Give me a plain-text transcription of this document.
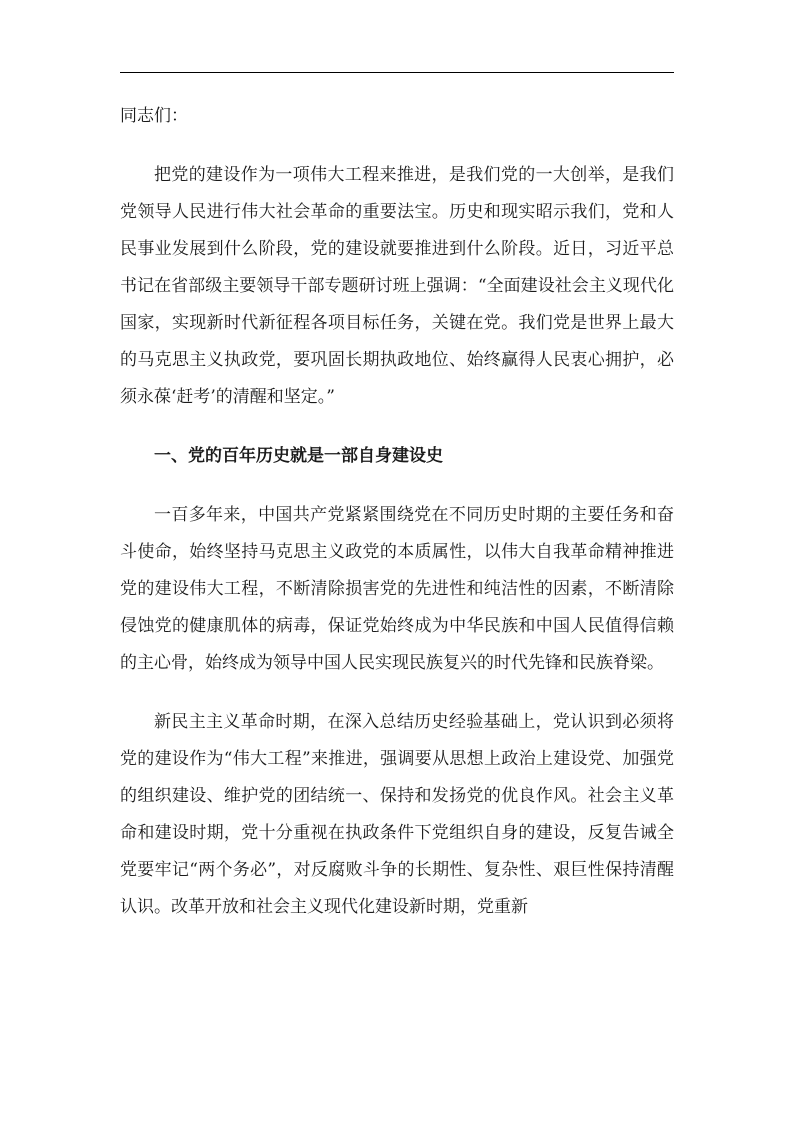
同志们：

把党的建设作为一项伟大工程来推进，是我们党的一大创举，是我们党领导人民进行伟大社会革命的重要法宝。历史和现实昭示我们，党和人民事业发展到什么阶段，党的建设就要推进到什么阶段。近日，习近平总书记在省部级主要领导干部专题研讨班上强调：“全面建设社会主义现代化国家，实现新时代新征程各项目标任务，关键在党。我们党是世界上最大的马克思主义执政党，要巩固长期执政地位、始终赢得人民衷心拥护，必须永葆‘赶考’的清醒和坚定。”

一、党的百年历史就是一部自身建设史

一百多年来，中国共产党紧紧围绕党在不同历史时期的主要任务和奋斗使命，始终坚持马克思主义政党的本质属性，以伟大自我革命精神推进党的建设伟大工程，不断清除损害党的先进性和纯洁性的因素，不断清除侵蚀党的健康肌体的病毒，保证党始终成为中华民族和中国人民值得信赖的主心骨，始终成为领导中国人民实现民族复兴的时代先锋和民族脊梁。

新民主主义革命时期，在深入总结历史经验基础上，党认识到必须将党的建设作为“伟大工程”来推进，强调要从思想上政治上建设党、加强党的组织建设、维护党的团结统一、保持和发扬党的优良作风。社会主义革命和建设时期，党十分重视在执政条件下党组织自身的建设，反复告诫全党要牢记“两个务必”，对反腐败斗争的长期性、复杂性、艰巨性保持清醒认识。改革开放和社会主义现代化建设新时期，党重新
